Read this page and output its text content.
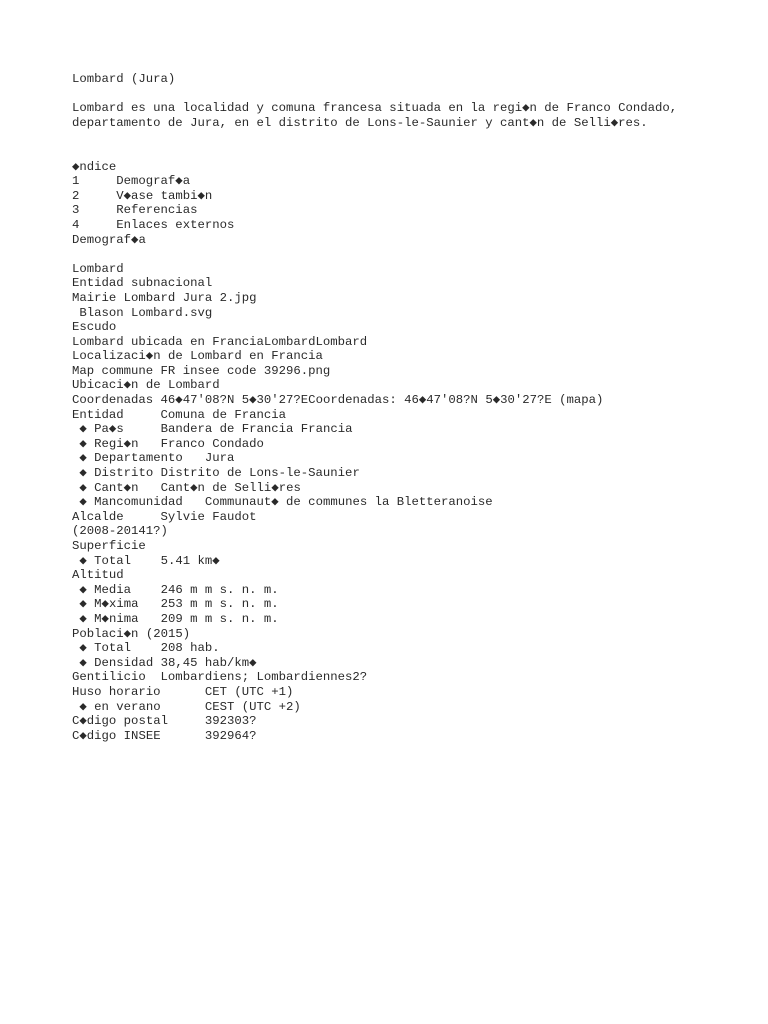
Lombard (Jura)
Lombard es una localidad y comuna francesa situada en la regi◆n de Franco Condado,
departamento de Jura, en el distrito de Lons-le-Saunier y cant◆n de Selli◆res.
◆ndice
1     Demograf◆a
2     V◆ase tambi◆n
3     Referencias
4     Enlaces externos
Demograf◆a
Lombard
Entidad subnacional
Mairie Lombard Jura 2.jpg
Blason Lombard.svg
Escudo
Lombard ubicada en FranciaLombardLombard
Localizaci◆n de Lombard en Francia
Map commune FR insee code 39296.png
Ubicaci◆n de Lombard
Coordenadas 46◆47'08?N 5◆30'27?ECoordenadas: 46◆47'08?N 5◆30'27?E (mapa)
Entidad     Comuna de Francia
◆ Pa◆s     Bandera de Francia Francia
◆ Regi◆n   Franco Condado
◆ Departamento   Jura
◆ Distrito Distrito de Lons-le-Saunier
◆ Cant◆n   Cant◆n de Selli◆res
◆ Mancomunidad   Communaut◆ de communes la Bletteranoise
Alcalde     Sylvie Faudot
(2008-20141?)
Superficie
◆ Total    5.41 km◆
Altitud
◆ Media    246 m m s. n. m.
◆ M◆xima   253 m m s. n. m.
◆ M◆nima   209 m m s. n. m.
Poblaci◆n (2015)
◆ Total    208 hab.
◆ Densidad 38,45 hab/km◆
Gentilicio  Lombardiens; Lombardiennes2?
Huso horario      CET (UTC +1)
◆ en verano      CEST (UTC +2)
C◆digo postal     392303?
C◆digo INSEE      392964?
